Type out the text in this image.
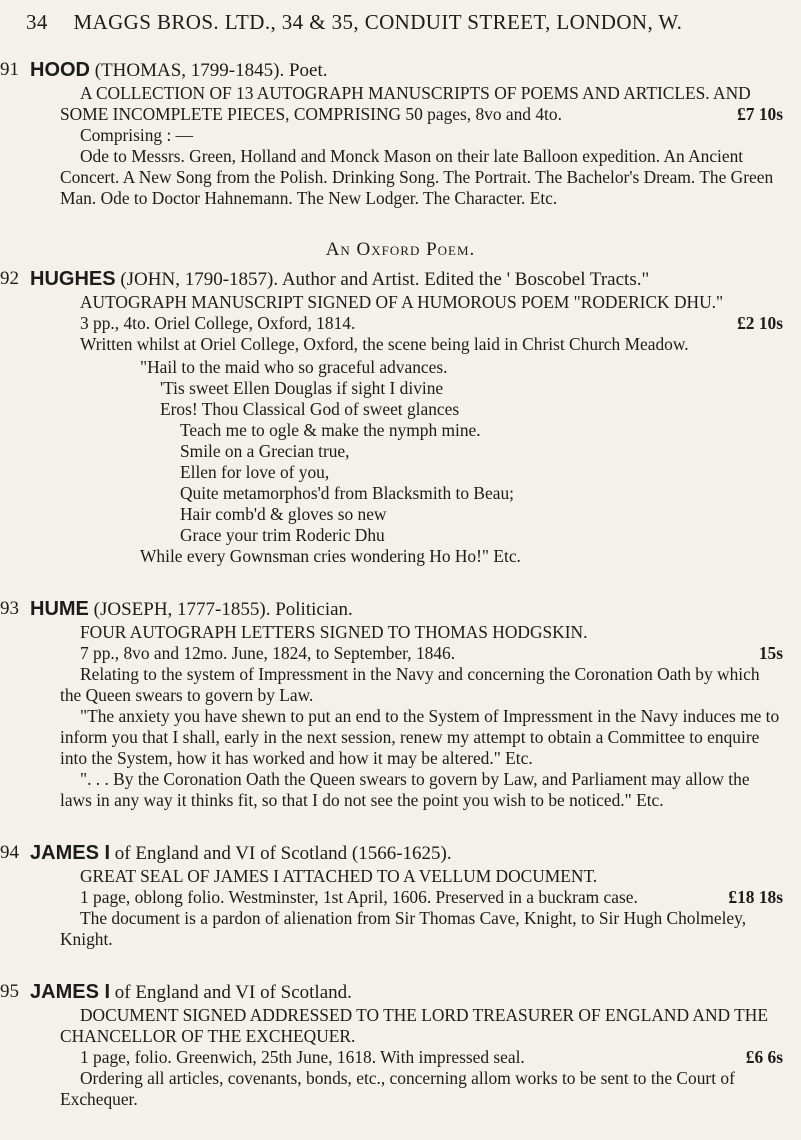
34 MAGGS BROS. LTD., 34 & 35, CONDUIT STREET, LONDON, W.
91 HOOD (THOMAS, 1799-1845). Poet.

A COLLECTION OF 13 AUTOGRAPH MANUSCRIPTS OF POEMS AND ARTICLES. AND SOME INCOMPLETE PIECES, COMPRISING 50 pages, 8vo and 4to.	£7 10s

Comprising : —

Ode to Messrs. Green, Holland and Monck Mason on their late Balloon expedition. An Ancient Concert. A New Song from the Polish. Drinking Song. The Portrait. The Bachelor's Dream. The Green Man. Ode to Doctor Hahnemann. The New Lodger. The Character. Etc.

An Oxford Poem.
92 HUGHES (JOHN, 1790-1857). Author and Artist. Edited the ' Boscobel Tracts."

AUTOGRAPH MANUSCRIPT SIGNED OF A HUMOROUS POEM "RODERICK DHU."

3 pp., 4to. Oriel College, Oxford, 1814.	£2 10s

Written whilst at Oriel College, Oxford, the scene being laid in Christ Church Meadow.

"Hail to the maid who so graceful advances.
'Tis sweet Ellen Douglas if sight I divine
Eros! Thou Classical God of sweet glances
Teach me to ogle & make the nymph mine.
Smile on a Grecian true,
Ellen for love of you,
Quite metamorphos'd from Blacksmith to Beau;
Hair comb'd & gloves so new
Grace your trim Roderic Dhu
While every Gownsman cries wondering Ho Ho!" Etc.
93 HUME (JOSEPH, 1777-1855). Politician.

FOUR AUTOGRAPH LETTERS SIGNED TO THOMAS HODGSKIN.

7 pp., 8vo and 12mo. June, 1824, to September, 1846.	15s

Relating to the system of Impressment in the Navy and concerning the Coronation Oath by which the Queen swears to govern by Law.

"The anxiety you have shewn to put an end to the System of Impressment in the Navy induces me to inform you that I shall, early in the next session, renew my attempt to obtain a Committee to enquire into the System, how it has worked and how it may be altered." Etc.

". . . By the Coronation Oath the Queen swears to govern by Law, and Parliament may allow the laws in any way it thinks fit, so that I do not see the point you wish to be noticed." Etc.

94 JAMES I of England and VI of Scotland (1566-1625).

GREAT SEAL OF JAMES I ATTACHED TO A VELLUM DOCUMENT.

1 page, oblong folio. Westminster, 1st April, 1606. Preserved in a buckram case.	£18 18s

The document is a pardon of alienation from Sir Thomas Cave, Knight, to Sir Hugh Cholmeley, Knight.

95 JAMES I of England and VI of Scotland.

DOCUMENT SIGNED ADDRESSED TO THE LORD TREASURER OF ENGLAND AND THE CHANCELLOR OF THE EXCHEQUER.

1 page, folio. Greenwich, 25th June, 1618. With impressed seal.	£6 6s

Ordering all articles, covenants, bonds, etc., concerning allom works to be sent to the Court of Exchequer.
